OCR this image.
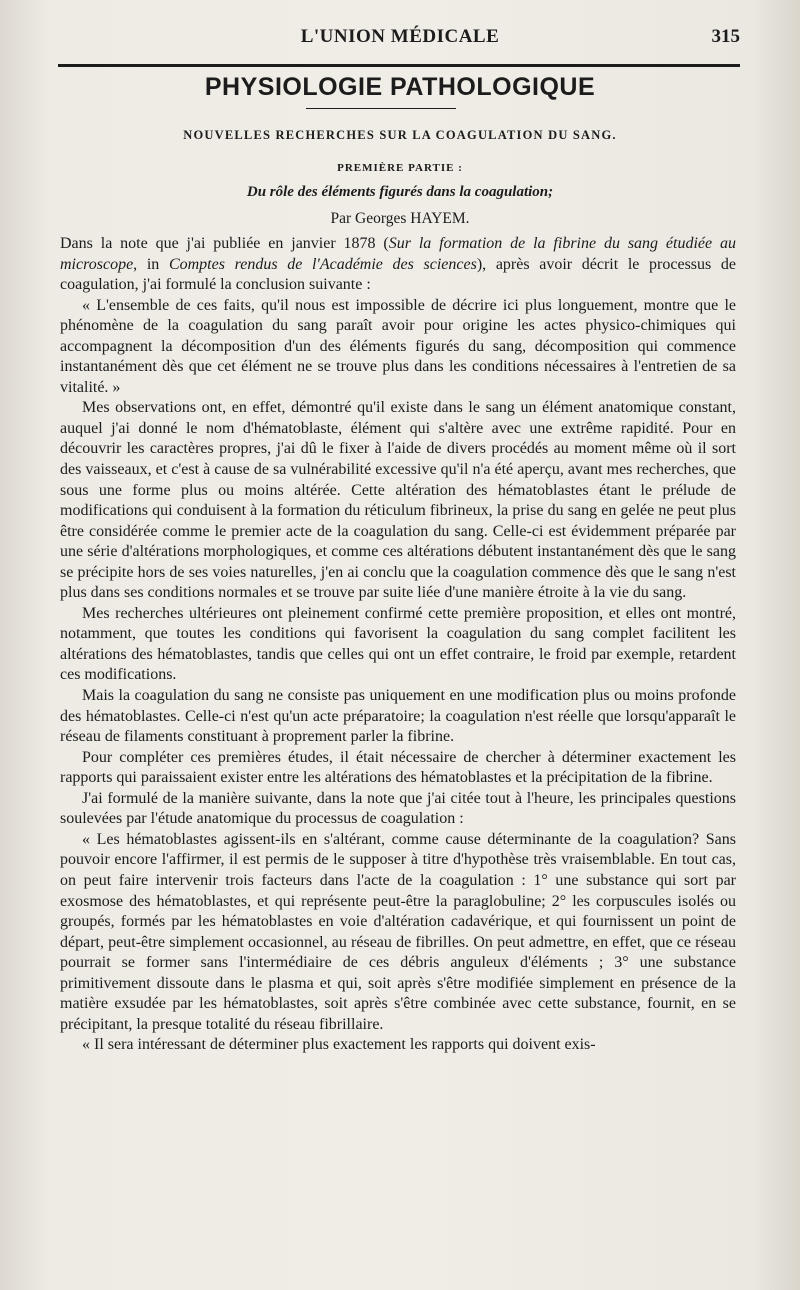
L'UNION MÉDICALE	315
PHYSIOLOGIE PATHOLOGIQUE
NOUVELLES RECHERCHES SUR LA COAGULATION DU SANG.
PREMIÈRE PARTIE :
Du rôle des éléments figurés dans la coagulation;
Par Georges HAYEM.

Dans la note que j'ai publiée en janvier 1878 (Sur la formation de la fibrine du sang étudiée au microscope, in Comptes rendus de l'Académie des sciences), après avoir décrit le processus de coagulation, j'ai formulé la conclusion suivante :

« L'ensemble de ces faits, qu'il nous est impossible de décrire ici plus longuement, montre que le phénomène de la coagulation du sang paraît avoir pour origine les actes physico-chimiques qui accompagnent la décomposition d'un des éléments figurés du sang, décomposition qui commence instantanément dès que cet élément ne se trouve plus dans les conditions nécessaires à l'entretien de sa vitalité. »

Mes observations ont, en effet, démontré qu'il existe dans le sang un élément anatomique constant, auquel j'ai donné le nom d'hématoblaste, élément qui s'altère avec une extrême rapidité. Pour en découvrir les caractères propres, j'ai dû le fixer à l'aide de divers procédés au moment même où il sort des vaisseaux, et c'est à cause de sa vulnérabilité excessive qu'il n'a été aperçu, avant mes recherches, que sous une forme plus ou moins altérée. Cette altération des hématoblastes étant le prélude de modifications qui conduisent à la formation du réticulum fibrineux, la prise du sang en gelée ne peut plus être considérée comme le premier acte de la coagulation du sang. Celle-ci est évidemment préparée par une série d'altérations morphologiques, et comme ces altérations débutent instantanément dès que le sang se précipite hors de ses voies naturelles, j'en ai conclu que la coagulation commence dès que le sang n'est plus dans ses conditions normales et se trouve par suite liée d'une manière étroite à la vie du sang.

Mes recherches ultérieures ont pleinement confirmé cette première proposition, et elles ont montré, notamment, que toutes les conditions qui favorisent la coagulation du sang complet facilitent les altérations des hématoblastes, tandis que celles qui ont un effet contraire, le froid par exemple, retardent ces modifications.

Mais la coagulation du sang ne consiste pas uniquement en une modification plus ou moins profonde des hématoblastes. Celle-ci n'est qu'un acte préparatoire; la coagulation n'est réelle que lorsqu'apparaît le réseau de filaments constituant à proprement parler la fibrine.

Pour compléter ces premières études, il était nécessaire de chercher à déterminer exactement les rapports qui paraissaient exister entre les altérations des hématoblastes et la précipitation de la fibrine.

J'ai formulé de la manière suivante, dans la note que j'ai citée tout à l'heure, les principales questions soulevées par l'étude anatomique du processus de coagulation :

« Les hématoblastes agissent-ils en s'altérant, comme cause déterminante de la coagulation? Sans pouvoir encore l'affirmer, il est permis de le supposer à titre d'hypothèse très vraisemblable. En tout cas, on peut faire intervenir trois facteurs dans l'acte de la coagulation : 1° une substance qui sort par exosmose des hématoblastes, et qui représente peut-être la paraglobuline; 2° les corpuscules isolés ou groupés, formés par les hématoblastes en voie d'altération cadavérique, et qui fournissent un point de départ, peut-être simplement occasionnel, au réseau de fibrilles. On peut admettre, en effet, que ce réseau pourrait se former sans l'intermédiaire de ces débris anguleux d'éléments ; 3° une substance primitivement dissoute dans le plasma et qui, soit après s'être modifiée simplement en présence de la matière exsudée par les hématoblastes, soit après s'être combinée avec cette substance, fournit, en se précipitant, la presque totalité du réseau fibrillaire.

« Il sera intéressant de déterminer plus exactement les rapports qui doivent exis-
